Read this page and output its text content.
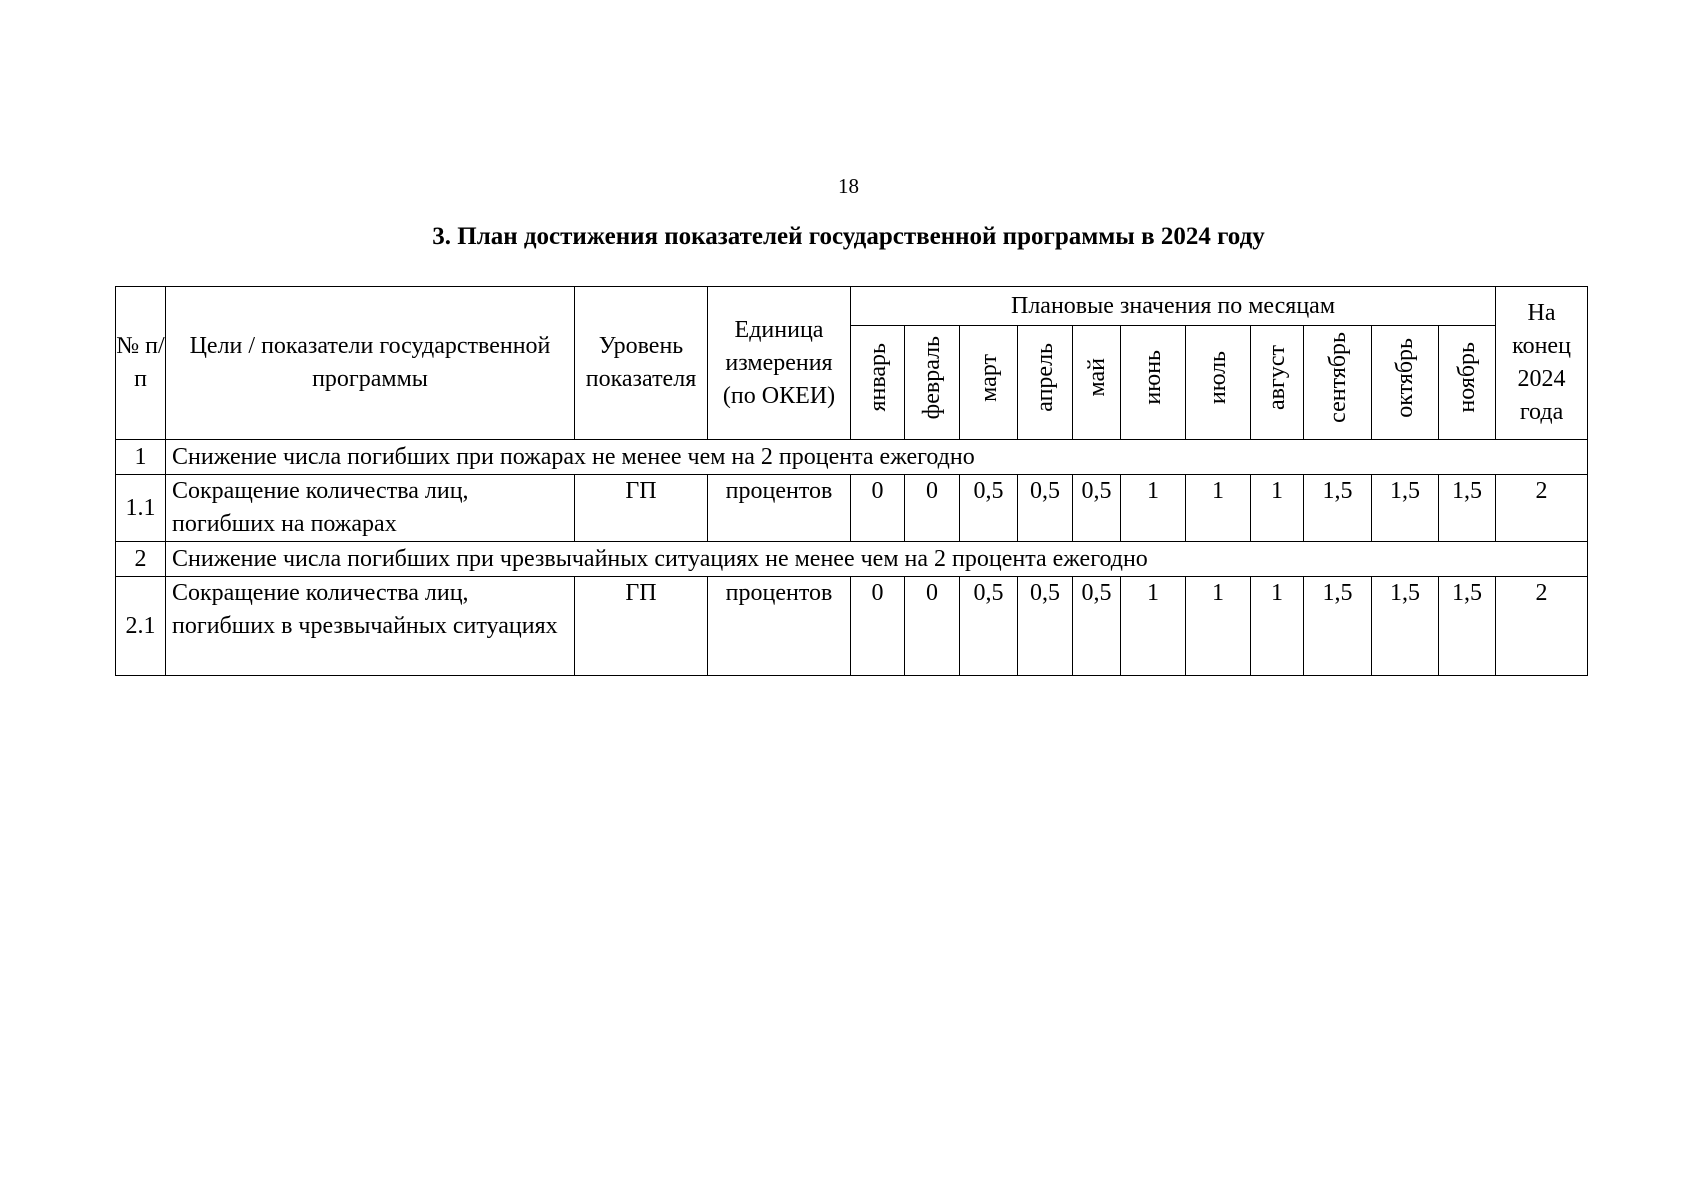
18
3. План достижения показателей государственной программы в 2024 году
№ п/п	Цели / показатели государственной программы	Уровень показателя	Единица измерения (по ОКЕИ)	Плановые значения по месяцам											На конец 2024 года
				январь	февраль	март	апрель	май	июнь	июль	август	сентябрь	октябрь	ноябрь	
1	Снижение числа погибших при пожарах не менее чем на 2 процента ежегодно														
1.1	Сокращение количества лиц, погибших на пожарах	ГП	процентов	0	0	0,5	0,5	0,5	1	1	1	1,5	1,5	1,5	2
2	Снижение числа погибших при чрезвычайных ситуациях не менее чем на 2 процента ежегодно														
2.1	Сокращение количества лиц, погибших в чрезвычайных ситуациях	ГП	процентов	0	0	0,5	0,5	0,5	1	1	1	1,5	1,5	1,5	2
